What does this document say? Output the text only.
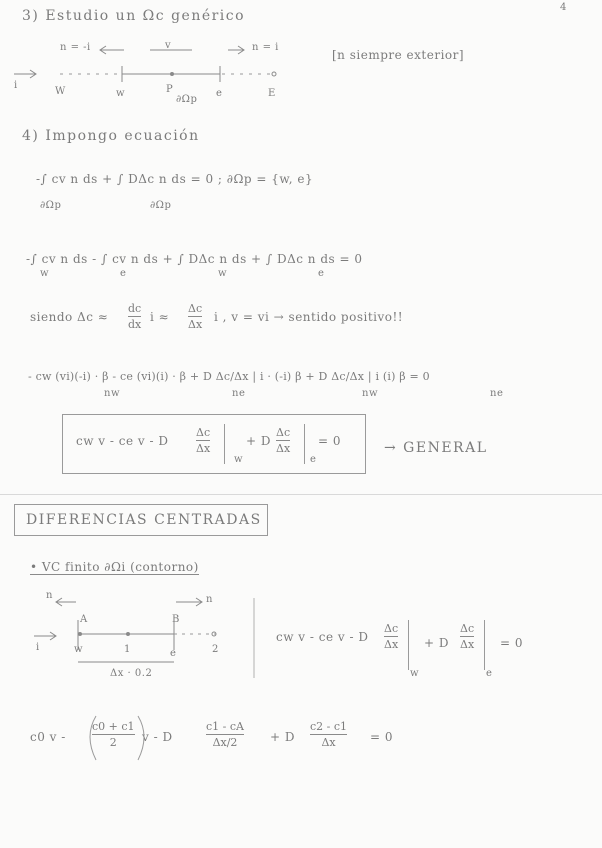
4
3) Estudio un Ωc genérico
n = -i	v	n = i
[n siempre exterior]
i
W	w	P
∂Ωp
e	E
4) Impongo ecuación
-∫ cv n ds + ∫ DΔc n ds = 0 ; ∂Ωp = {w, e}
∂Ωp	∂Ωp
-∫ cv n ds - ∫ cv n ds + ∫ DΔc n ds + ∫ DΔc n ds = 0
w	e	w	e
siendo Δc ≈
dc
dx
i ≈
Δc
Δx
i , v = vi → sentido positivo!!
- cw (vi)(-i) · β - ce (vi)(i) · β + D Δc/Δx | i · (-i) β + D Δc/Δx | i (i) β = 0
nw	ne	nw	ne
cw v - ce v - D
Δc
Δx
w
+ D
Δc
Δx
e
= 0	→ GENERAL
DIFERENCIAS CENTRADAS
• VC finito ∂Ωi (contorno)
n	n
A	B
i	w	1	e	2
Δx · 0.2
cw v - ce v - D
Δc
Δx
w
+ D
Δc
Δx
e
= 0
c0 v -
c0 + c1
2 v - D
c1 - cA
Δx/2	+ D
c2 - c1
Δx	= 0
